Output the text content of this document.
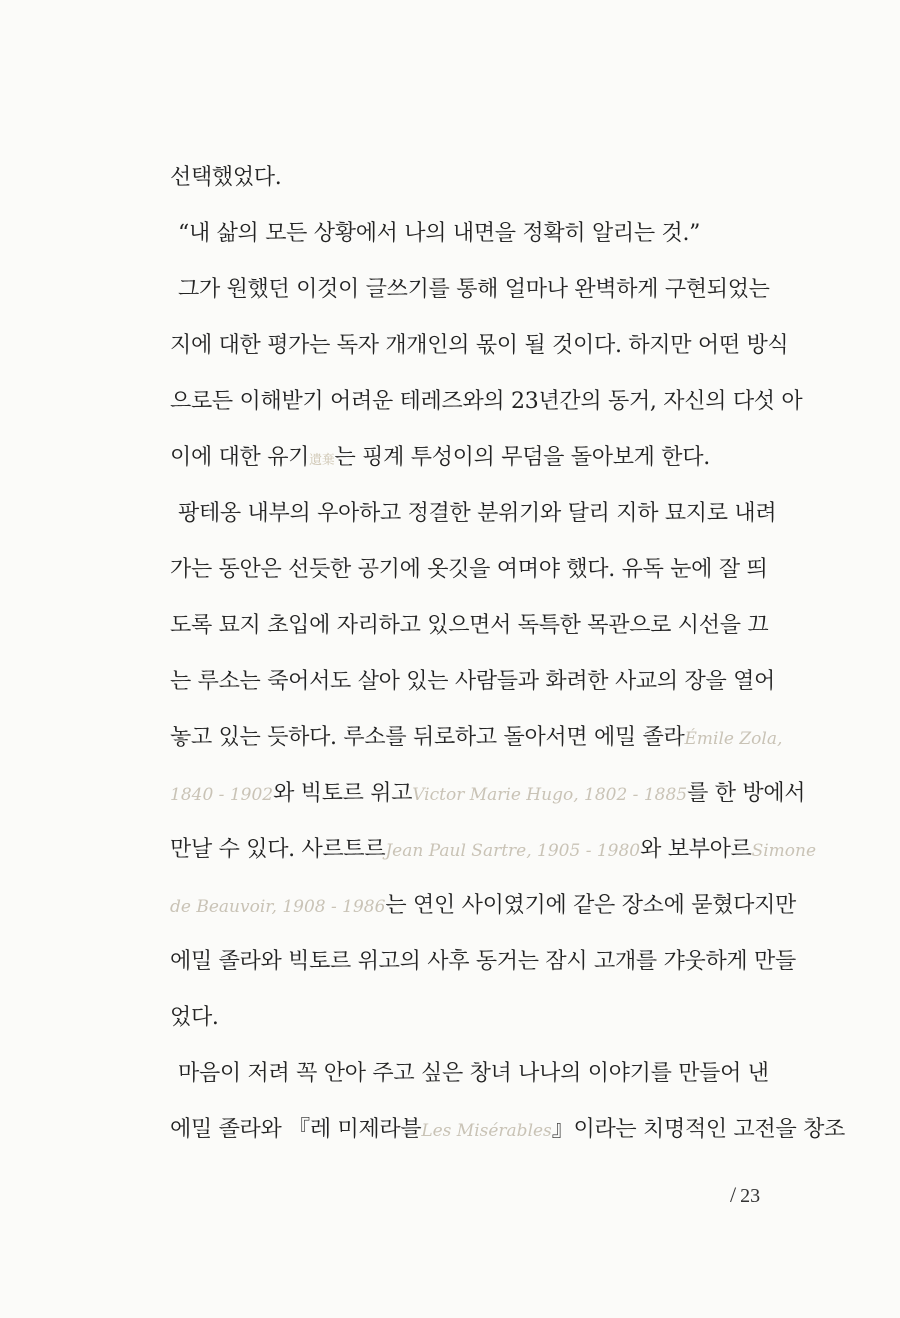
선택했었다.
“내 삶의 모든 상황에서 나의 내면을 정확히 알리는 것.”
그가 원했던 이것이 글쓰기를 통해 얼마나 완벽하게 구현되었는
지에 대한 평가는 독자 개개인의 몫이 될 것이다. 하지만 어떤 방식
으로든 이해받기 어려운 테레즈와의 23년간의 동거, 자신의 다섯 아
이에 대한 유기遺棄는 핑계 투성이의 무덤을 돌아보게 한다.
팡테옹 내부의 우아하고 정결한 분위기와 달리 지하 묘지로 내려
가는 동안은 선듯한 공기에 옷깃을 여며야 했다. 유독 눈에 잘 띄
도록 묘지 초입에 자리하고 있으면서 독특한 목관으로 시선을 끄
는 루소는 죽어서도 살아 있는 사람들과 화려한 사교의 장을 열어
놓고 있는 듯하다. 루소를 뒤로하고 돌아서면 에밀 졸라Émile Zola,
1840 - 1902와 빅토르 위고Victor Marie Hugo, 1802 - 1885를 한 방에서
만날 수 있다. 사르트르Jean Paul Sartre, 1905 - 1980와 보부아르Simone
de Beauvoir, 1908 - 1986는 연인 사이였기에 같은 장소에 묻혔다지만
에밀 졸라와 빅토르 위고의 사후 동거는 잠시 고개를 갸웃하게 만들
었다.
마음이 저려 꼭 안아 주고 싶은 창녀 나나의 이야기를 만들어 낸
에밀 졸라와 『레 미제라블Les Misérables』이라는 치명적인 고전을 창조
/ 23
